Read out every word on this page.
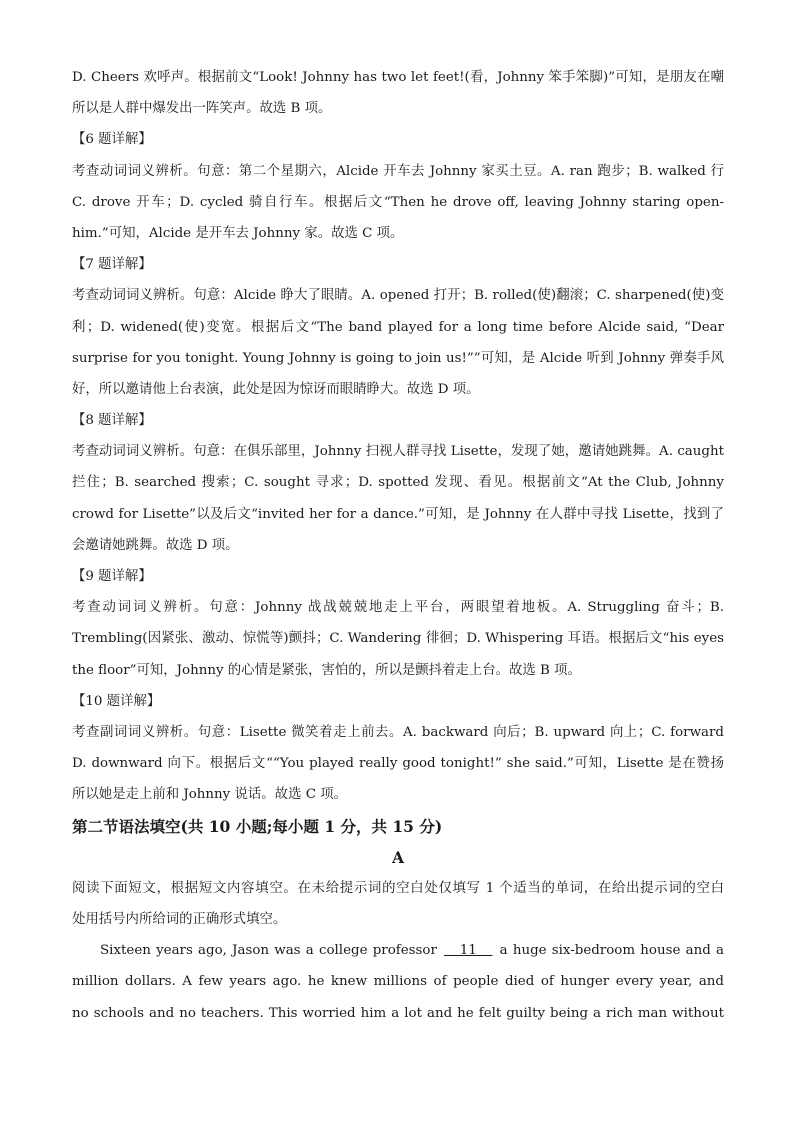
D. Cheers 欢呼声。根据前文“Look! Johnny has two let feet!(看，Johnny 笨手笨脚)”可知，是朋友在嘲
所以是人群中爆发出一阵笑声。故选 B 项。
【6 题详解】
考查动词词义辨析。句意：第二个星期六，Alcide 开车去 Johnny 家买土豆。A. ran 跑步；B. walked 行
C. drove 开车；D. cycled 骑自行车。根据后文“Then he drove off, leaving Johnny staring open-
him.”可知，Alcide 是开车去 Johnny 家。故选 C 项。
【7 题详解】
考查动词词义辨析。句意：Alcide 睁大了眼睛。A. opened 打开；B. rolled(使)翻滚；C. sharpened(使)变
利；D. widened(使)变宽。根据后文“The band played for a long time before Alcide said, “Dear
surprise for you tonight. Young Johnny is going to join us!””可知，是 Alcide 听到 Johnny 弹奏手风
好，所以邀请他上台表演，此处是因为惊讶而眼睛睁大。故选 D 项。
【8 题详解】
考查动词词义辨析。句意：在俱乐部里，Johnny 扫视人群寻找 Lisette，发现了她，邀请她跳舞。A. caught
拦住；B. searched 搜索；C. sought 寻求；D. spotted 发现、看见。根据前文“At the Club, Johnny
crowd for Lisette”以及后文“invited her for a dance.”可知，是 Johnny 在人群中寻找 Lisette，找到了
会邀请她跳舞。故选 D 项。
【9 题详解】
考查动词词义辨析。句意：Johnny 战战兢兢地走上平台，两眼望着地板。A. Struggling 奋斗；B.
Trembling(因紧张、激动、惊慌等)颤抖；C. Wandering 徘徊；D. Whispering 耳语。根据后文“his eyes
the floor”可知，Johnny 的心情是紧张，害怕的，所以是颤抖着走上台。故选 B 项。
【10 题详解】
考查副词词义辨析。句意：Lisette 微笑着走上前去。A. backward 向后；B. upward 向上；C. forward
D. downward 向下。根据后文““You played really good tonight!” she said.”可知，Lisette 是在赞扬
所以她是走上前和 Johnny 说话。故选 C 项。
第二节语法填空(共 10 小题;每小题 1 分，共 15 分)
A
阅读下面短文，根据短文内容填空。在未给提示词的空白处仅填写 1 个适当的单词，在给出提示词的空白
处用括号内所给词的正确形式填空。
Sixteen years ago, Jason was a college professor 11 a huge six-bedroom house and a
million dollars. A few years ago. he knew millions of people died of hunger every year, and
no schools and no teachers. This worried him a lot and he felt guilty being a rich man without
